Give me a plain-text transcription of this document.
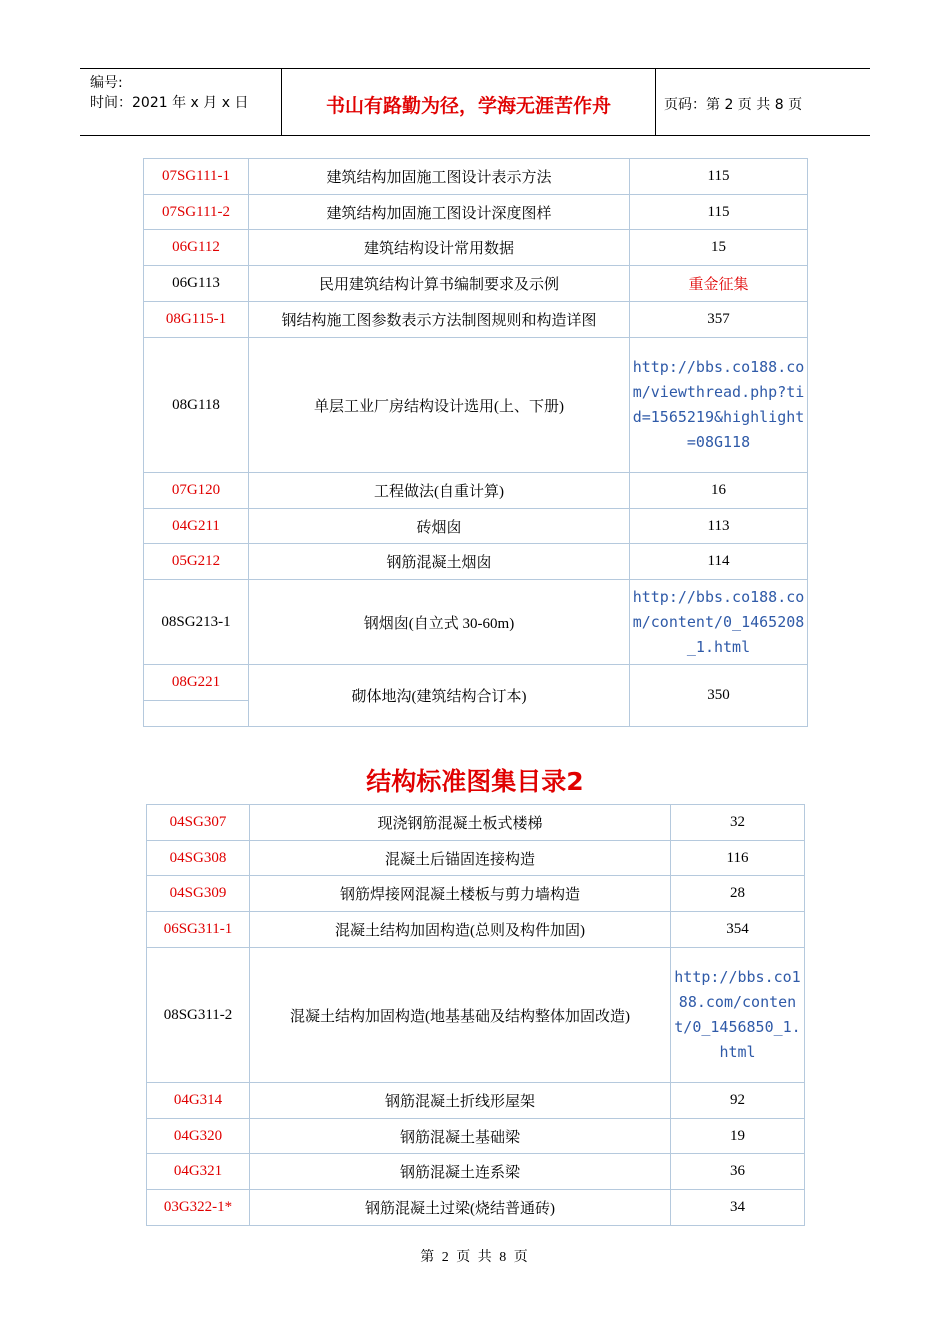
编号:
时间：2021 年 x 月 x 日	书山有路勤为径，学海无涯苦作舟	页码：第 2 页 共 8 页
07SG111-1	建筑结构加固施工图设计表示方法	115
07SG111-2	建筑结构加固施工图设计深度图样	115
06G112	建筑结构设计常用数据	15
06G113	民用建筑结构计算书编制要求及示例	重金征集
08G115-1	钢结构施工图参数表示方法制图规则和构造详图	357
08G118	单层工业厂房结构设计选用(上、下册)	http://bbs.co188.com/viewthread.php?tid=1565219&highlight=08G118
07G120	工程做法(自重计算)	16
04G211	砖烟囱	113
05G212	钢筋混凝土烟囱	114
08SG213-1	钢烟囱(自立式 30-60m)	http://bbs.co188.com/content/0_1465208_1.html
08G221	砌体地沟(建筑结构合订本)	350

结构标准图集目录2
04SG307	现浇钢筋混凝土板式楼梯	32
04SG308	混凝土后锚固连接构造	116
04SG309	钢筋焊接网混凝土楼板与剪力墙构造	28
06SG311-1	混凝土结构加固构造(总则及构件加固)	354
08SG311-2	混凝土结构加固构造(地基基础及结构整体加固改造)	http://bbs.co188.com/content/0_1456850_1.html
04G314	钢筋混凝土折线形屋架	92
04G320	钢筋混凝土基础梁	19
04G321	钢筋混凝土连系梁	36
03G322-1*	钢筋混凝土过梁(烧结普通砖)	34
第 2 页 共 8 页
